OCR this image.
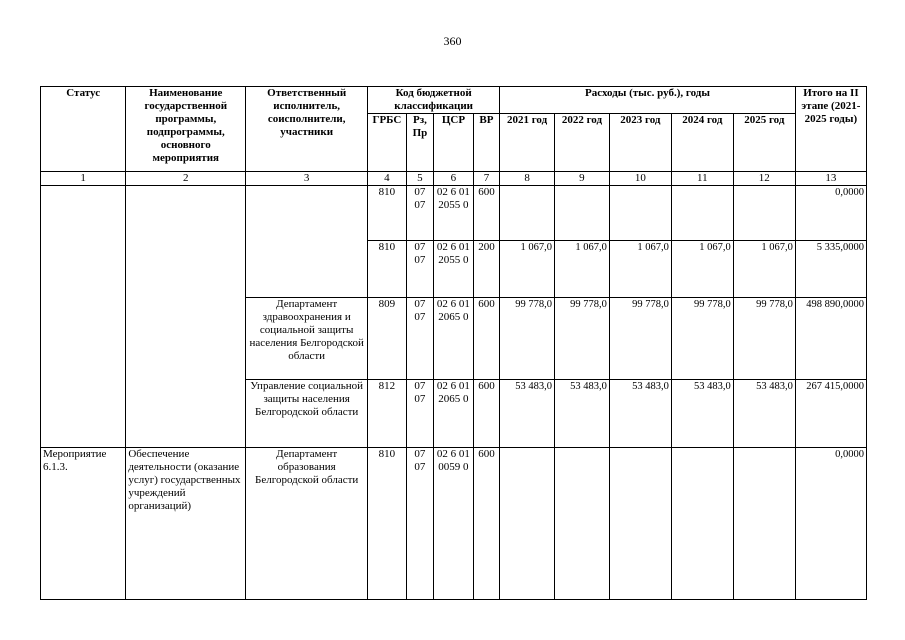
360
Статус	Наименование государственной программы, подпрограммы, основного мероприятия	Ответственный исполнитель, соисполнители, участники	Код бюджетной классификации				Расходы (тыс. руб.), годы					Итого на II этапе (2021-2025 годы)
			ГРБС	Рз, Пр	ЦСР	ВР	2021 год	2022 год	2023 год	2024 год	2025 год	
1	2	3	4	5	6	7	8	9	10	11	12	13
			810	07 07	02 6 01 2055 0	600						0,0000
			810	07 07	02 6 01 2055 0	200	1 067,0	1 067,0	1 067,0	1 067,0	1 067,0	5 335,0000
		Департамент здравоохранения и социальной защиты населения Белгородской области	809	07 07	02 6 01 2065 0	600	99 778,0	99 778,0	99 778,0	99 778,0	99 778,0	498 890,0000
		Управление социальной защиты населения Белгородской области	812	07 07	02 6 01 2065 0	600	53 483,0	53 483,0	53 483,0	53 483,0	53 483,0	267 415,0000
Мероприятие 6.1.3.	Обеспечение деятельности (оказание услуг) государственных учреждений организаций)	Департамент образования Белгородской области	810	07 07	02 6 01 0059 0	600						0,0000
